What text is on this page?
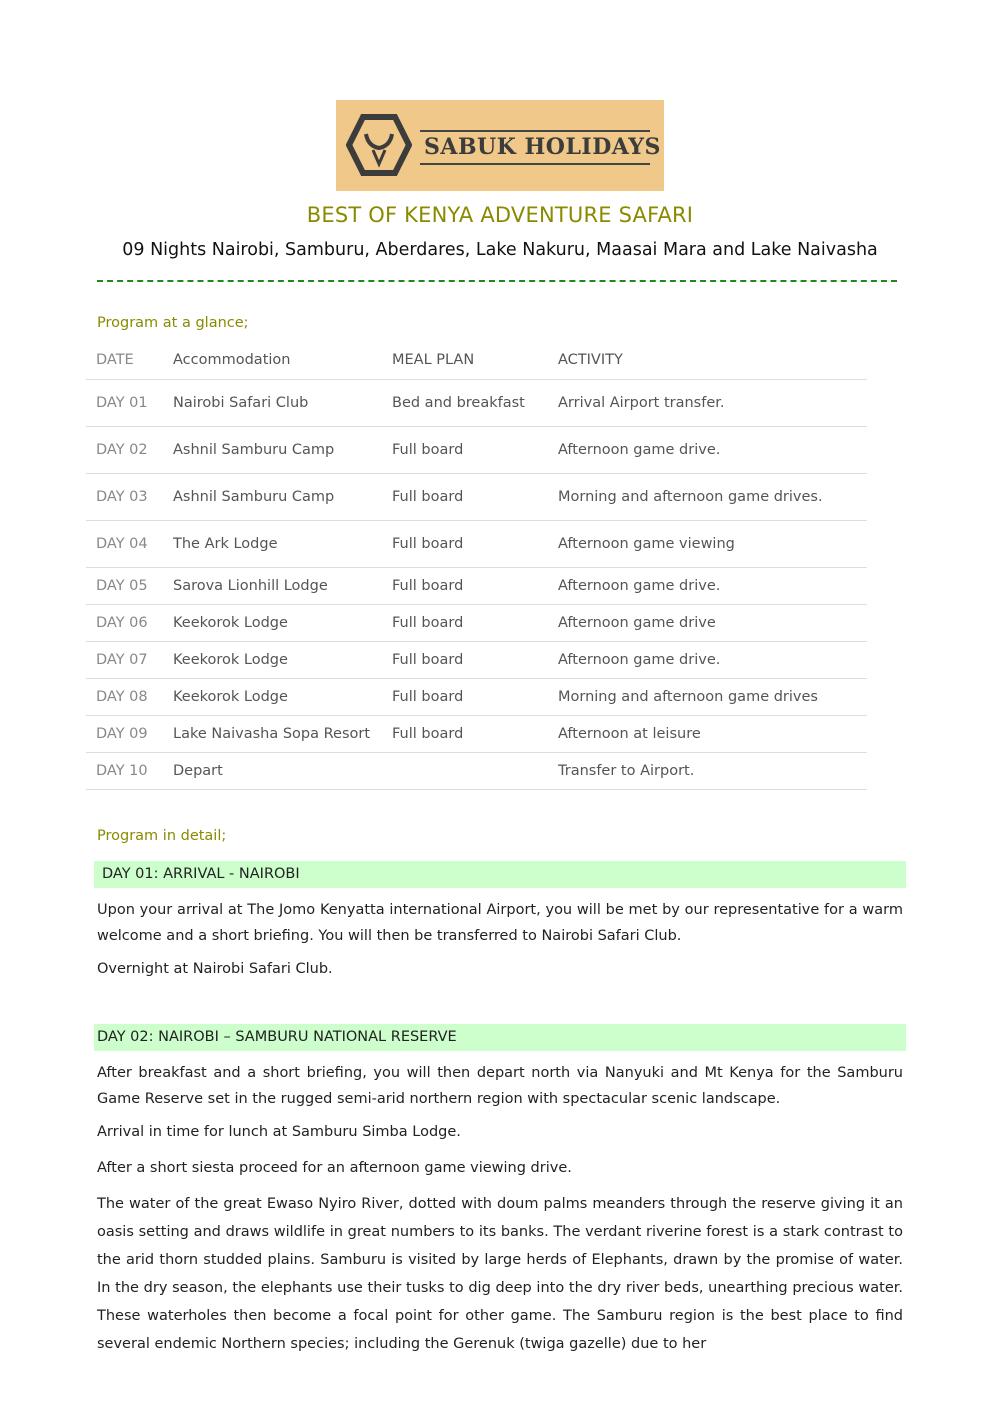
SABUK HOLIDAYS
BEST OF KENYA ADVENTURE SAFARI
09 Nights Nairobi, Samburu, Aberdares, Lake Nakuru, Maasai Mara and Lake Naivasha
Program at a glance;
DATE	Accommodation	MEAL PLAN	ACTIVITY
DAY 01	Nairobi Safari Club	Bed and breakfast	Arrival Airport transfer.
DAY 02	Ashnil Samburu Camp	Full board	Afternoon game drive.
DAY 03	Ashnil Samburu Camp	Full board	Morning and afternoon game drives.
DAY 04	The Ark Lodge	Full board	Afternoon game viewing
DAY 05	Sarova Lionhill Lodge	Full board	Afternoon game drive.
DAY 06	Keekorok Lodge	Full board	Afternoon game drive
DAY 07	Keekorok Lodge	Full board	Afternoon game drive.
DAY 08	Keekorok Lodge	Full board	Morning and afternoon game drives
DAY 09	Lake Naivasha Sopa Resort	Full board	Afternoon at leisure
DAY 10	Depart		Transfer to Airport.
Program in detail;
DAY 01: ARRIVAL - NAIROBI
Upon your arrival at The Jomo Kenyatta international Airport, you will be met by our representative for a warm welcome and a short briefing. You will then be transferred to Nairobi Safari Club.
Overnight at Nairobi Safari Club.
DAY 02: NAIROBI – SAMBURU NATIONAL RESERVE
After breakfast and a short briefing, you will then depart north via Nanyuki and Mt Kenya for the Samburu Game Reserve set in the rugged semi-arid northern region with spectacular scenic landscape.
Arrival in time for lunch at Samburu Simba Lodge.
After a short siesta proceed for an afternoon game viewing drive.
The water of the great Ewaso Nyiro River, dotted with doum palms meanders through the reserve giving it an oasis setting and draws wildlife in great numbers to its banks. The verdant riverine forest is a stark contrast to the arid thorn studded plains. Samburu is visited by large herds of Elephants, drawn by the promise of water. In the dry season, the elephants use their tusks to dig deep into the dry river beds, unearthing precious water. These waterholes then become a focal point for other game. The Samburu region is the best place to find several endemic Northern species; including the Gerenuk (twiga gazelle) due to her
